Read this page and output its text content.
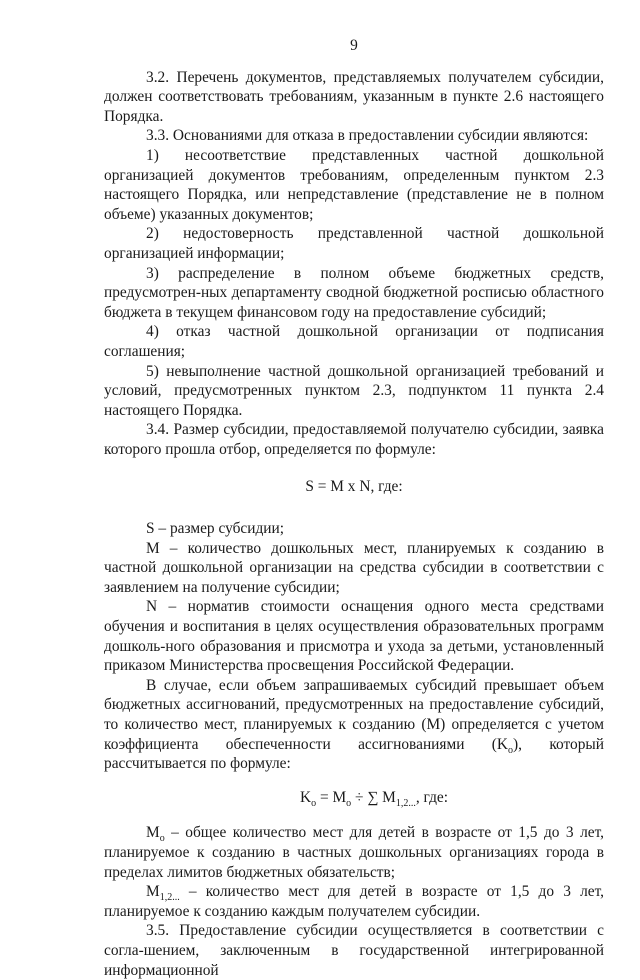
9

3.2. Перечень документов, представляемых получателем субсидии, должен соответствовать требованиям, указанным в пункте 2.6 настоящего Порядка.

3.3. Основаниями для отказа в предоставлении субсидии являются:

1) несоответствие представленных частной дошкольной организацией документов требованиям, определенным пунктом 2.3 настоящего Порядка, или непредставление (представление не в полном объеме) указанных документов;

2) недостоверность представленной частной дошкольной организацией информации;

3) распределение в полном объеме бюджетных средств, предусмотрен-ных департаменту сводной бюджетной росписью областного бюджета в текущем финансовом году на предоставление субсидий;

4) отказ частной дошкольной организации от подписания соглашения;

5) невыполнение частной дошкольной организацией требований и условий, предусмотренных пунктом 2.3, подпунктом 11 пункта 2.4 настоящего Порядка.

3.4. Размер субсидии, предоставляемой получателю субсидии, заявка которого прошла отбор, определяется по формуле:

S = M x N, где:

S – размер субсидии;

M – количество дошкольных мест, планируемых к созданию в частной дошкольной организации на средства субсидии в соответствии с заявлением на получение субсидии;

N – норматив стоимости оснащения одного места средствами обучения и воспитания в целях осуществления образовательных программ дошколь-ного образования и присмотра и ухода за детьми, установленный приказом Министерства просвещения Российской Федерации.

В случае, если объем запрашиваемых субсидий превышает объем бюджетных ассигнований, предусмотренных на предоставление субсидий, то количество мест, планируемых к созданию (M) определяется с учетом коэффициента обеспеченности ассигнованиями $(K_о)$, который рассчитывается по формуле:

$K_o = M_o$ ÷ ∑ $M_{1,2...}$, где:

$M_о$ – общее количество мест для детей в возрасте от 1,5 до 3 лет, планируемое к созданию в частных дошкольных организациях города в пределах лимитов бюджетных обязательств;

$M_{1,2...}$ – количество мест для детей в возрасте от 1,5 до 3 лет, планируемое к созданию каждым получателем субсидии.

3.5. Предоставление субсидии осуществляется в соответствии с согла-шением, заключенным в государственной интегрированной информационной
